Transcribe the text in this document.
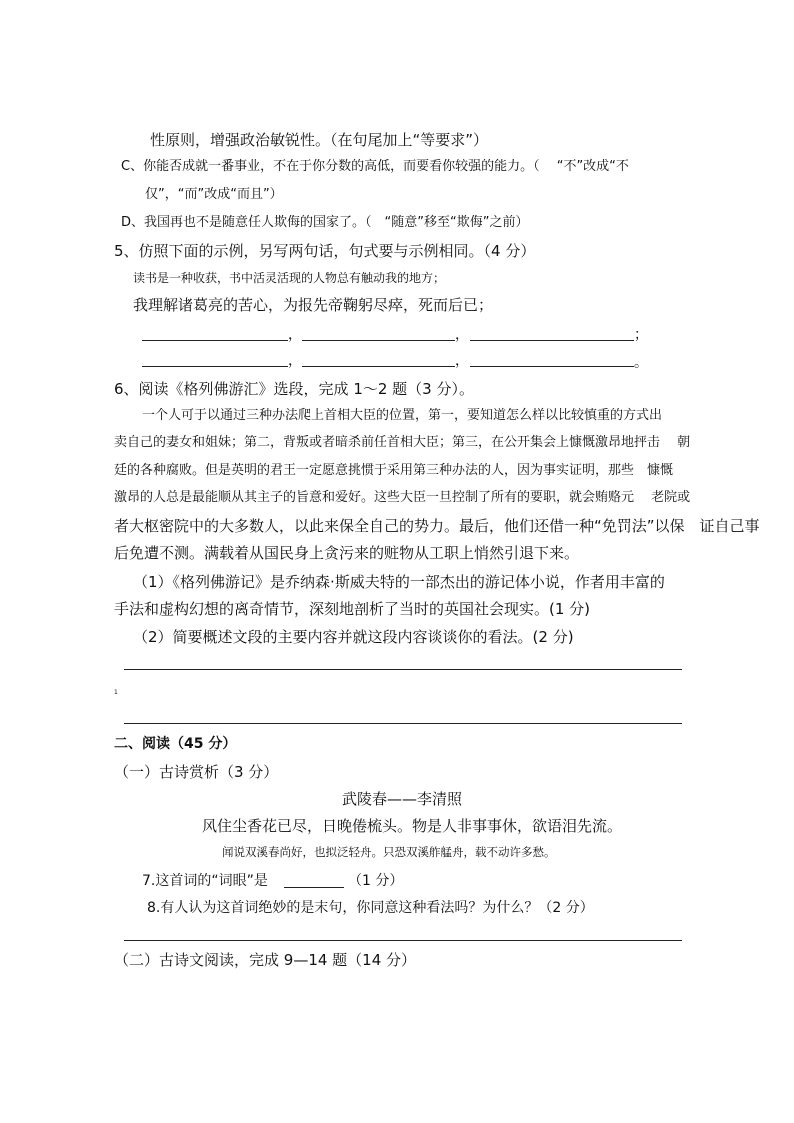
性原则，增强政治敏锐性。（在句尾加上“等要求”）
C、你能否成就一番事业，不在于你分数的高低，而要看你较强的能力。（　 “不”改成“不
仅”，“而”改成“而且”）
D、我国再也不是随意任人欺侮的国家了。（　“随意”移至“欺侮”之前）
5、仿照下面的示例，另写两句话，句式要与示例相同。（4 分）
读书是一种收获，书中活灵活现的人物总有触动我的地方；
我理解诸葛亮的苦心，为报先帝鞠躬尽瘁，死而后已；
，	，	；
，	，	。
6、阅读《格列佛游汇》选段，完成 1～2 题（3 分）。
一个人可于以通过三种办法爬上首相大臣的位置，第一，要知道怎么样以比较慎重的方式出
卖自己的妻女和姐妹；第二，背叛或者暗杀前任首相大臣；第三，在公开集会上慷慨激昂地抨击　 朝
廷的各种腐败。但是英明的君王一定愿意挑惯于采用第三种办法的人，因为事实证明，那些　慷慨
激昂的人总是最能顺从其主子的旨意和爱好。这些大臣一旦控制了所有的要职，就会贿赂元　 老院或
者大枢密院中的大多数人，以此来保全自己的势力。最后，他们还借一种“免罚法”以保　证自己事
后免遭不测。满载着从国民身上贪污来的赃物从工职上悄然引退下来。
（1）《格列佛游记》是乔纳森·斯威夫特的一部杰出的游记体小说，作者用丰富的
手法和虚构幻想的离奇情节，深刻地剖析了当时的英国社会现实。(1 分)
（2）简要概述文段的主要内容并就这段内容谈谈你的看法。(2 分)
1
二、阅读（45 分）
（一）古诗赏析（3 分）
武陵春——李清照
风住尘香花已尽，日晚倦梳头。物是人非事事休，欲语泪先流。
闻说双溪春尚好，也拟泛轻舟。只恐双溪舴艋舟，载不动许多愁。
7.这首词的“词眼”是	（1 分）
8.有人认为这首词绝妙的是末句，你同意这种看法吗？为什么？（2 分）
（二）古诗文阅读，完成 9—14 题（14 分）
